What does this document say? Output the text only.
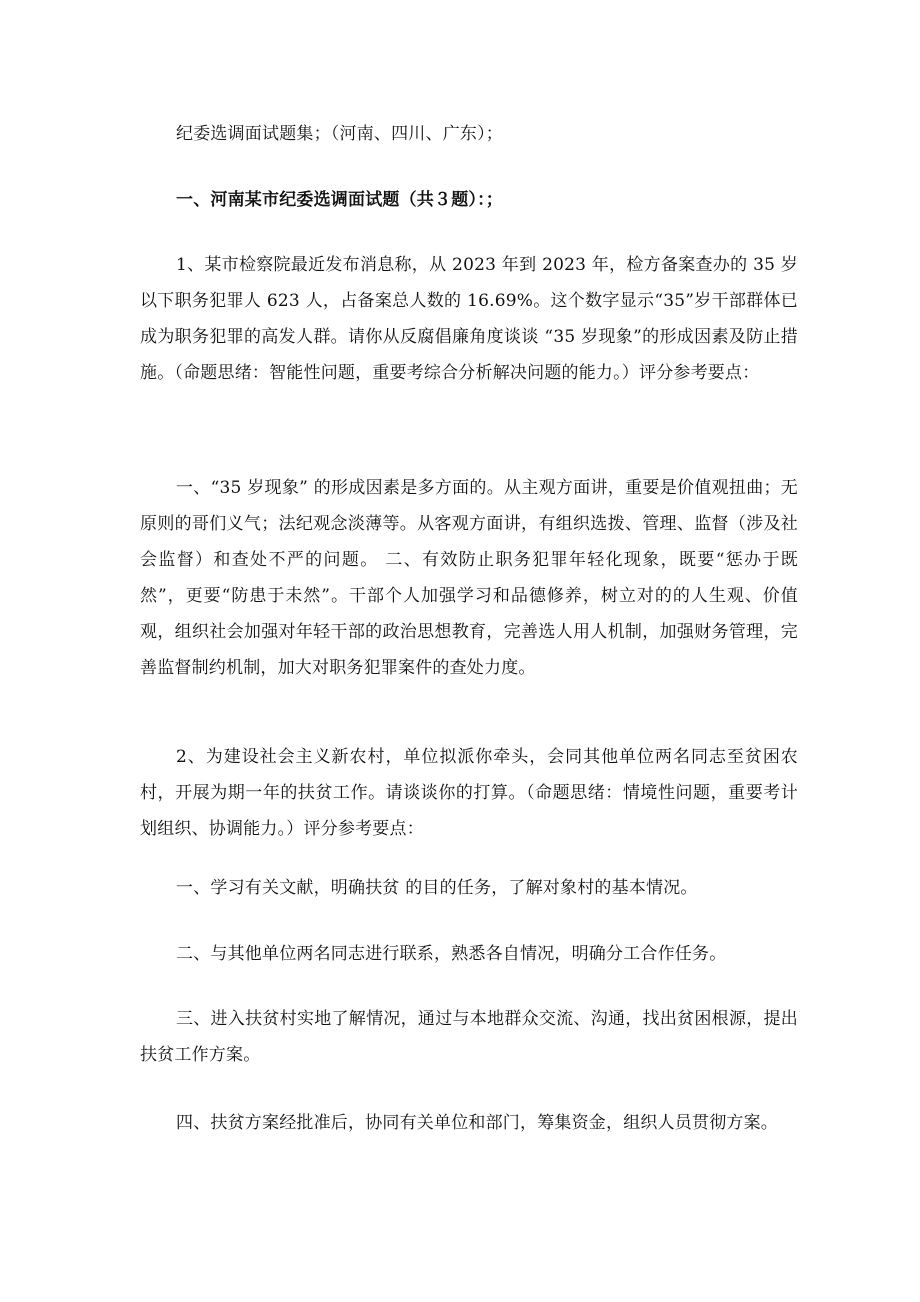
纪委选调面试题集；（河南、四川、广东）；

一、河南某市纪委选调面试题（共３题）：；

1、某市检察院最近发布消息称，从 2023 年到 2023 年，检方备案查办的 35 岁以下职务犯罪人 623 人，占备案总人数的 16.69%。这个数字显示“35”岁干部群体已成为职务犯罪的高发人群。请你从反腐倡廉角度谈谈 “35 岁现象”的形成因素及防止措施。（命题思绪：智能性问题，重要考综合分析解决问题的能力。）评分参考要点：

一、“35 岁现象” 的形成因素是多方面的。从主观方面讲，重要是价值观扭曲；无原则的哥们义气；法纪观念淡薄等。从客观方面讲，有组织选拨、管理、监督（涉及社会监督）和查处不严的问题。 二、有效防止职务犯罪年轻化现象，既要“惩办于既然”，更要“防患于未然”。干部个人加强学习和品德修养，树立对的的人生观、价值观，组织社会加强对年轻干部的政治思想教育，完善选人用人机制，加强财务管理，完善监督制约机制，加大对职务犯罪案件的查处力度。

2、为建设社会主义新农村，单位拟派你牵头，会同其他单位两名同志至贫困农村，开展为期一年的扶贫工作。请谈谈你的打算。（命题思绪：情境性问题，重要考计划组织、协调能力。）评分参考要点：

一、学习有关文献，明确扶贫 的目的任务，了解对象村的基本情况。

二、与其他单位两名同志进行联系，熟悉各自情况，明确分工合作任务。

三、进入扶贫村实地了解情况，通过与本地群众交流、沟通，找出贫困根源，提出扶贫工作方案。

四、扶贫方案经批准后，协同有关单位和部门，筹集资金，组织人员贯彻方案。
